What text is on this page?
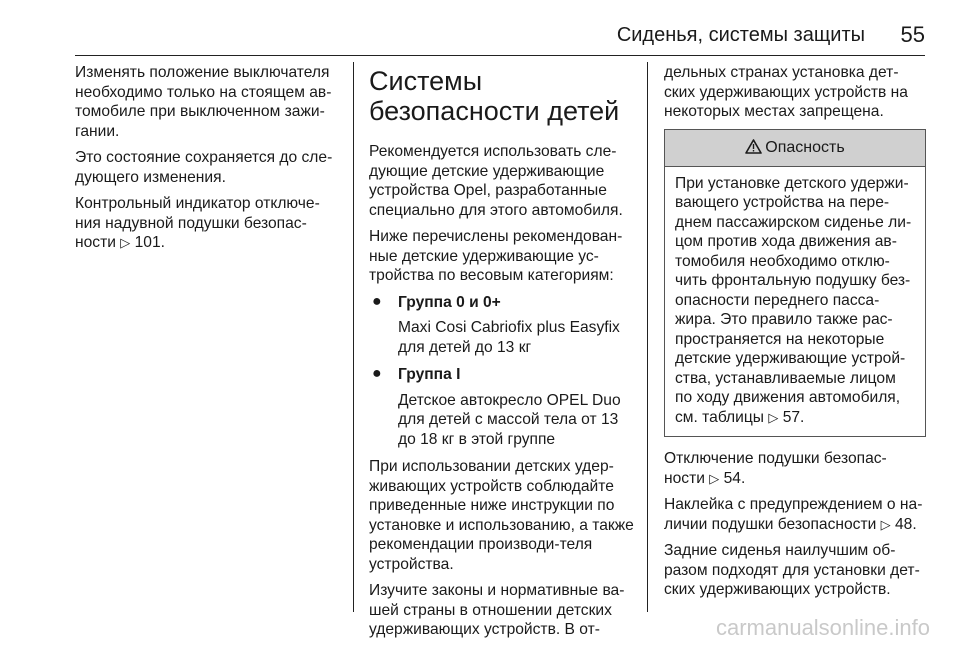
Сиденья, системы защиты 55

Изменять положение выключателя необходимо только на стоящем ав-томобиле при выключенном зажи-гании.

Это состояние сохраняется до сле-дующего изменения.

Контрольный индикатор отключе-ния надувной подушки безопас-ности ▷ 101.

Системы
безопасности детей

Рекомендуется использовать сле-дующие детские удерживающие устройства Opel, разработанные специально для этого автомобиля.

Ниже перечислены рекомендован-ные детские удерживающие ус-тройства по весовым категориям:

● Группа 0 и 0+
Maxi Cosi Cabriofix plus Easyfix для детей до 13 кг
● Группа I
Детское автокресло OPEL Duo для детей с массой тела от 13 до 18 кг в этой группе

При использовании детских удер-живающих устройств соблюдайте приведенные ниже инструкции по установке и использованию, а также рекомендации производи-теля устройства.

Изучите законы и нормативные ва-шей страны в отношении детских удерживающих устройств. В от-

дельных странах установка дет-ских удерживающих устройств на некоторых местах запрещена.

Опасность
При установке детского удержи-вающего устройства на пере-днем пассажирском сиденье ли-цом против хода движения ав-томобиля необходимо отклю-чить фронтальную подушку без-опасности переднего пасса-жира. Это правило также рас-пространяется на некоторые детские удерживающие устрой-ства, устанавливаемые лицом по ходу движения автомобиля, см. таблицы ▷ 57.

Отключение подушки безопас-ности ▷ 54.

Наклейка с предупреждением о на-личии подушки безопасности ▷ 48.

Задние сиденья наилучшим об-разом подходят для установки дет-ских удерживающих устройств.

carmanualsonline.info
